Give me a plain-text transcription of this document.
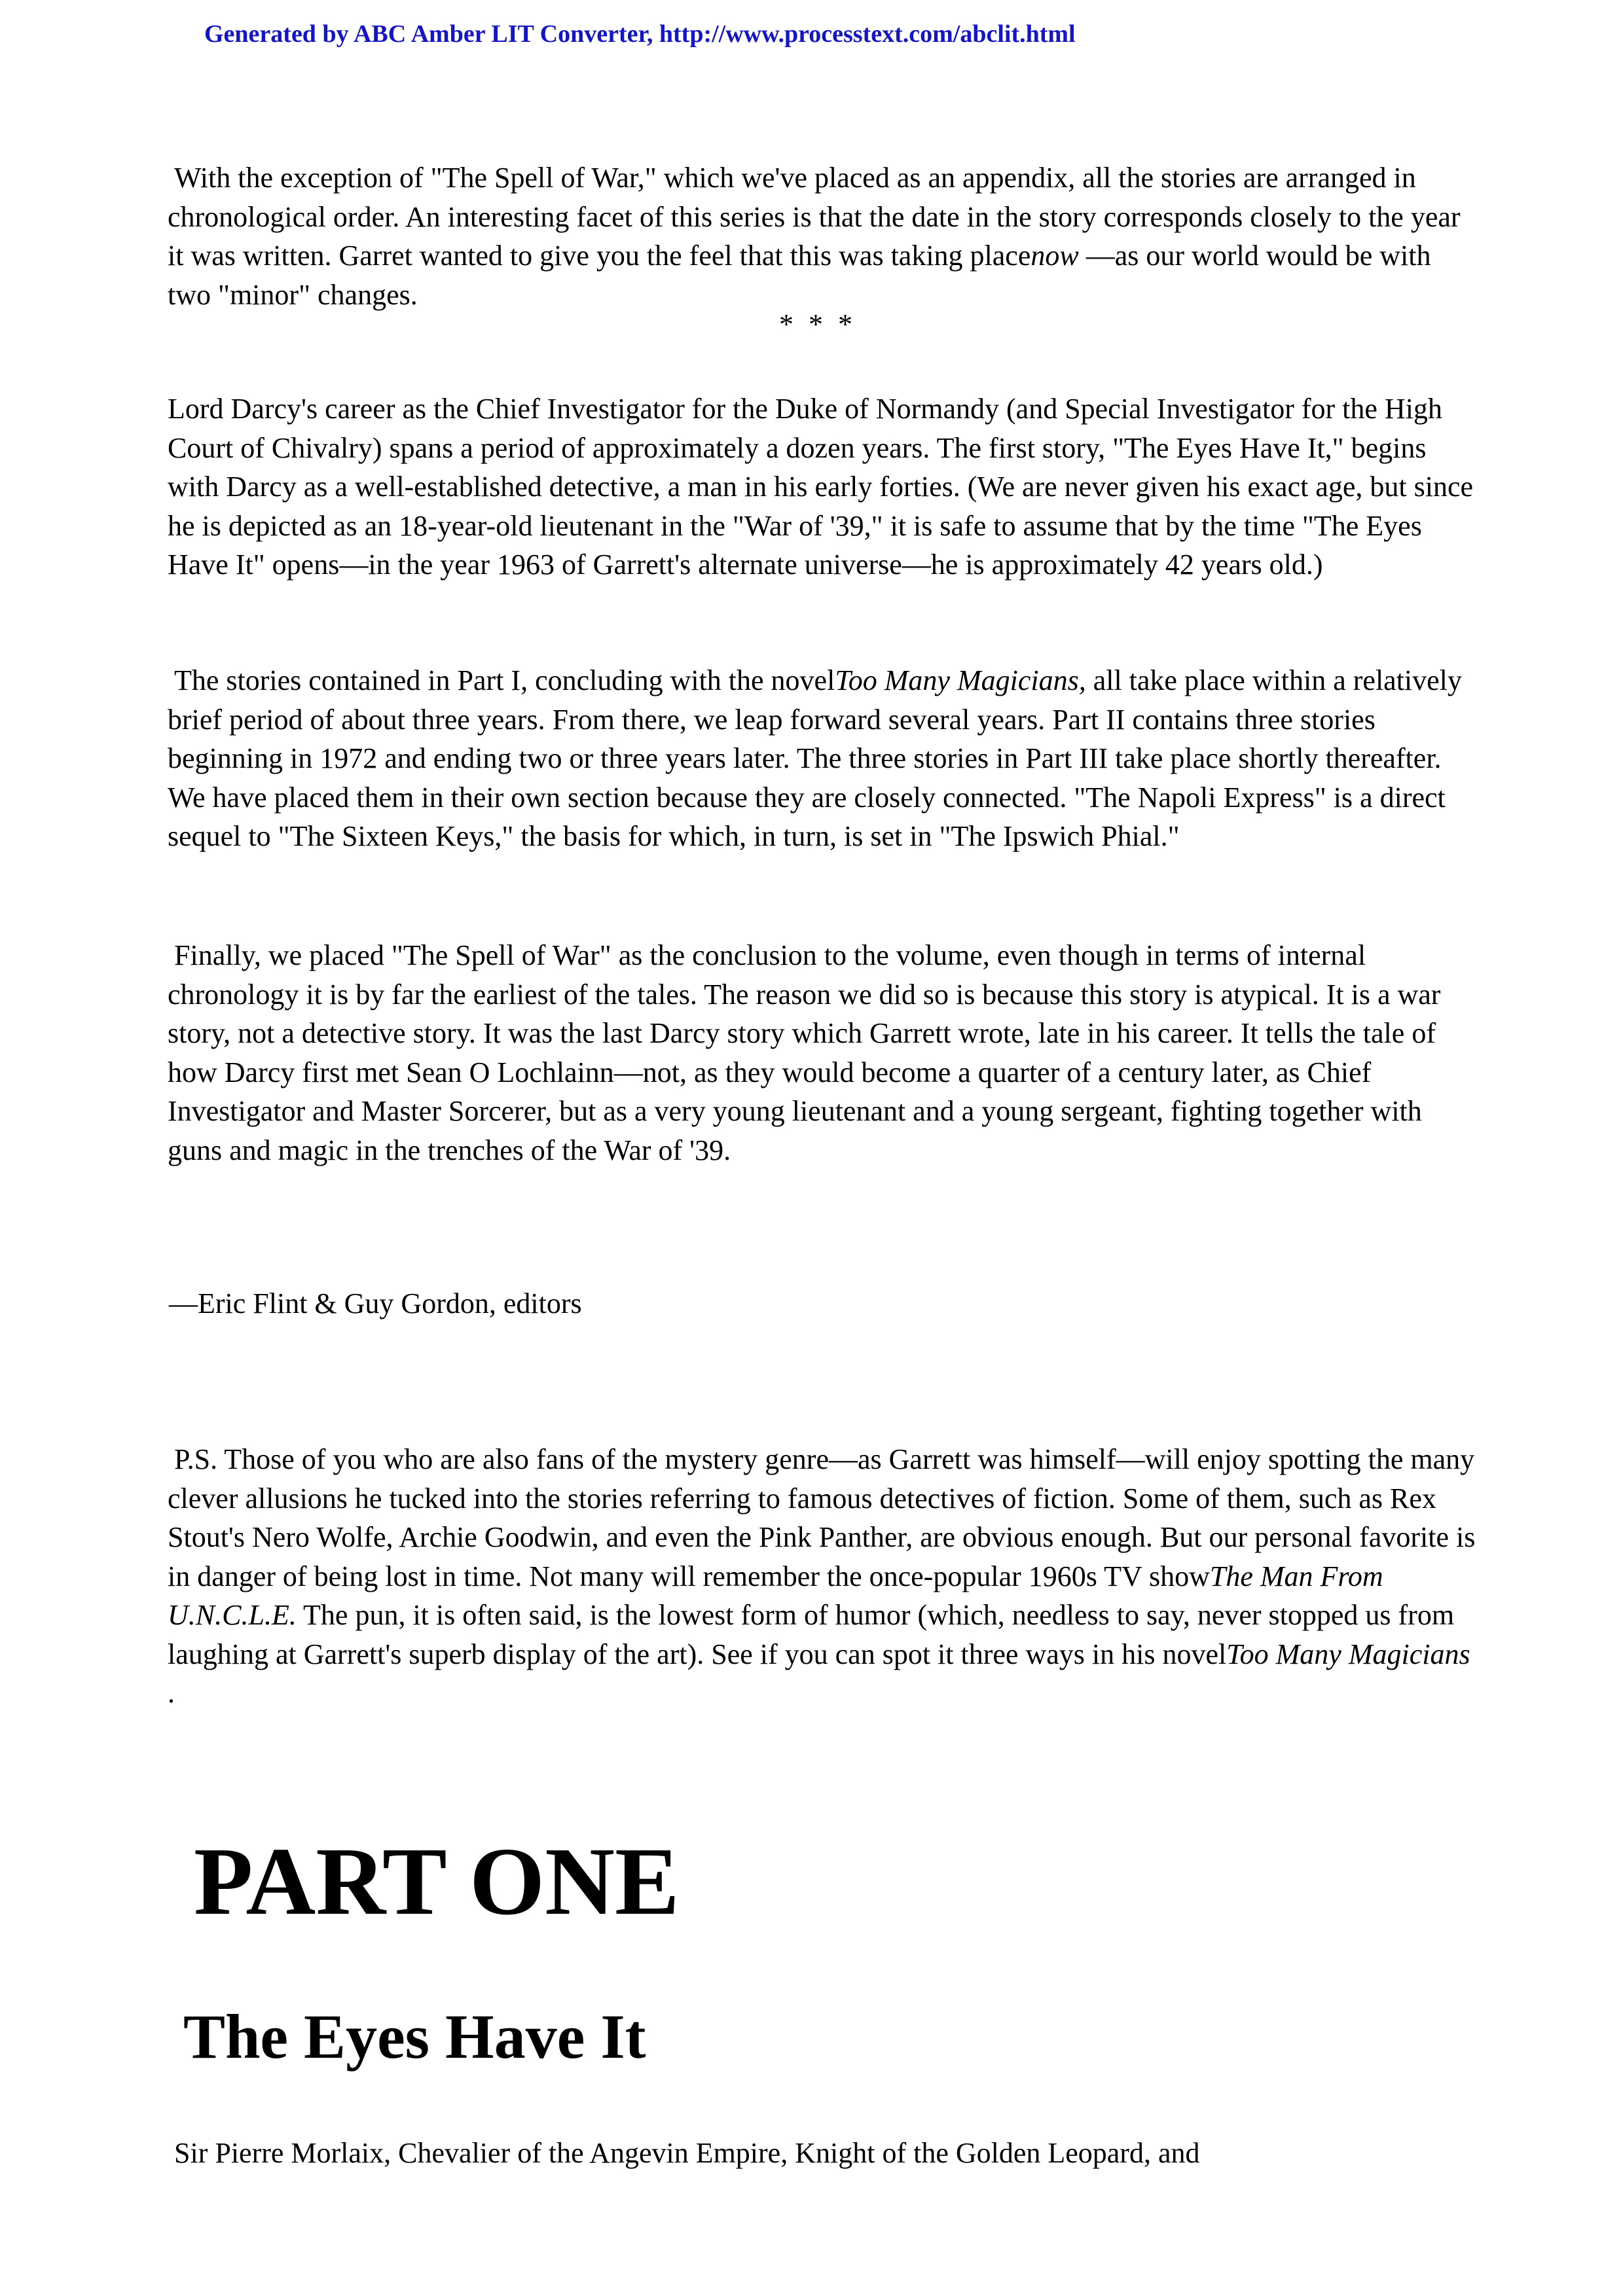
Generated by ABC Amber LIT Converter, http://www.processtext.com/abclit.html

With the exception of "The Spell of War," which we've placed as an appendix, all the stories are arranged in chronological order. An interesting facet of this series is that the date in the story corresponds closely to the year it was written. Garret wanted to give you the feel that this was taking placenow —as our world would be with two "minor" changes.

* * *

Lord Darcy's career as the Chief Investigator for the Duke of Normandy (and Special Investigator for the High Court of Chivalry) spans a period of approximately a dozen years. The first story, "The Eyes Have It," begins with Darcy as a well-established detective, a man in his early forties. (We are never given his exact age, but since he is depicted as an 18-year-old lieutenant in the "War of '39," it is safe to assume that by the time "The Eyes Have It" opens—in the year 1963 of Garrett's alternate universe—he is approximately 42 years old.)

The stories contained in Part I, concluding with the novelToo Many Magicians, all take place within a relatively brief period of about three years. From there, we leap forward several years. Part II contains three stories beginning in 1972 and ending two or three years later. The three stories in Part III take place shortly thereafter. We have placed them in their own section because they are closely connected. "The Napoli Express" is a direct sequel to "The Sixteen Keys," the basis for which, in turn, is set in "The Ipswich Phial."

Finally, we placed "The Spell of War" as the conclusion to the volume, even though in terms of internal chronology it is by far the earliest of the tales. The reason we did so is because this story is atypical. It is a war story, not a detective story. It was the last Darcy story which Garrett wrote, late in his career. It tells the tale of how Darcy first met Sean O Lochlainn—not, as they would become a quarter of a century later, as Chief Investigator and Master Sorcerer, but as a very young lieutenant and a young sergeant, fighting together with guns and magic in the trenches of the War of '39.

—Eric Flint & Guy Gordon, editors

P.S. Those of you who are also fans of the mystery genre—as Garrett was himself—will enjoy spotting the many clever allusions he tucked into the stories referring to famous detectives of fiction. Some of them, such as Rex Stout's Nero Wolfe, Archie Goodwin, and even the Pink Panther, are obvious enough. But our personal favorite is in danger of being lost in time. Not many will remember the once-popular 1960s TV showThe Man From U.N.C.L.E. The pun, it is often said, is the lowest form of humor (which, needless to say, never stopped us from laughing at Garrett's superb display of the art). See if you can spot it three ways in his novelToo Many Magicians .

PART ONE
The Eyes Have It

Sir Pierre Morlaix, Chevalier of the Angevin Empire, Knight of the Golden Leopard, and
